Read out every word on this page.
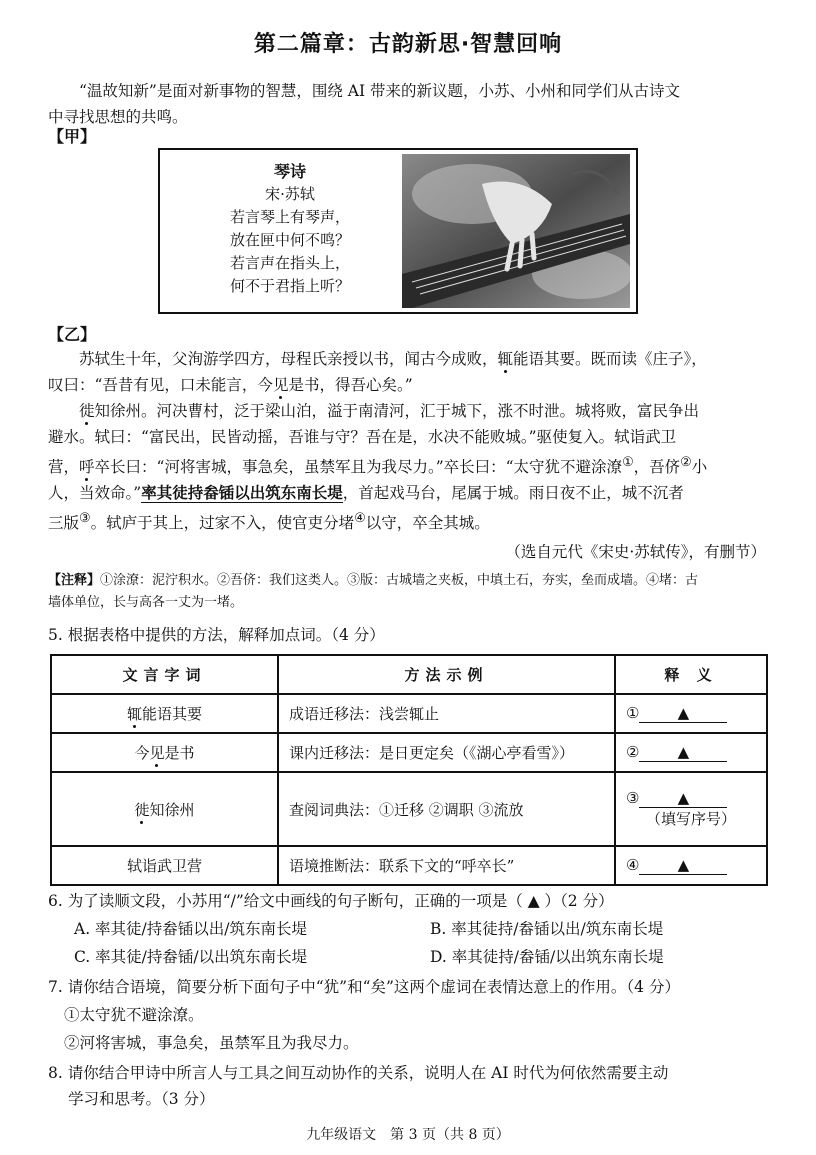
第二篇章：古韵新思·智慧回响
“温故知新”是面对新事物的智慧，围绕 AI 带来的新议题，小苏、小州和同学们从古诗文
中寻找思想的共鸣。
【甲】
琴诗
宋·苏轼
若言琴上有琴声，
放在匣中何不鸣？
若言声在指头上，
何不于君指上听？
【乙】
苏轼生十年，父洵游学四方，母程氏亲授以书，闻古今成败，辄能语其要。既而读《庄子》，
叹曰：“吾昔有见，口未能言，今见是书，得吾心矣。”
徙知徐州。河决曹村，泛于梁山泊，溢于南清河，汇于城下，涨不时泄。城将败，富民争出
避水。轼曰：“富民出，民皆动摇，吾谁与守？吾在是，水决不能败城。”驱使复入。轼诣武卫
营，呼卒长曰：“河将害城，事急矣，虽禁军且为我尽力。”卒长曰：“太守犹不避涂潦①，吾侪②小
人，当效命。”率其徒持畚锸以出筑东南长堤，首起戏马台，尾属于城。雨日夜不止，城不沉者
三版③。轼庐于其上，过家不入，使官吏分堵④以守，卒全其城。
（选自元代《宋史·苏轼传》，有删节）
【注释】①涂潦：泥泞积水。②吾侪：我们这类人。③版：古城墙之夹板，中填土石，夯实，垒而成墙。④堵：古
墙体单位，长与高各一丈为一堵。
5. 根据表格中提供的方法，解释加点词。（4 分）
文言字词	方法示例	释 义
辄能语其要	成语迁移法：浅尝辄止	① ▲
今见是书	课内迁移法：是日更定矣（《湖心亭看雪》）	② ▲
徙知徐州	查阅词典法：①迁移 ②调职 ③流放	③ ▲
（填写序号）

轼诣武卫营	语境推断法：联系下文的“呼卒长”	④ ▲
6. 为了读顺文段，小苏用“/”给文中画线的句子断句，正确的一项是（ ▲ ）（2 分）
A. 率其徒/持畚锸以出/筑东南长堤	B. 率其徒持/畚锸以出/筑东南长堤
C. 率其徒/持畚锸/以出筑东南长堤	D. 率其徒持/畚锸/以出筑东南长堤
7. 请你结合语境，简要分析下面句子中“犹”和“矣”这两个虚词在表情达意上的作用。（4 分）
①太守犹不避涂潦。
②河将害城，事急矣，虽禁军且为我尽力。
8. 请你结合甲诗中所言人与工具之间互动协作的关系，说明人在 AI 时代为何依然需要主动
学习和思考。（3 分）
九年级语文　第 3 页（共 8 页）
